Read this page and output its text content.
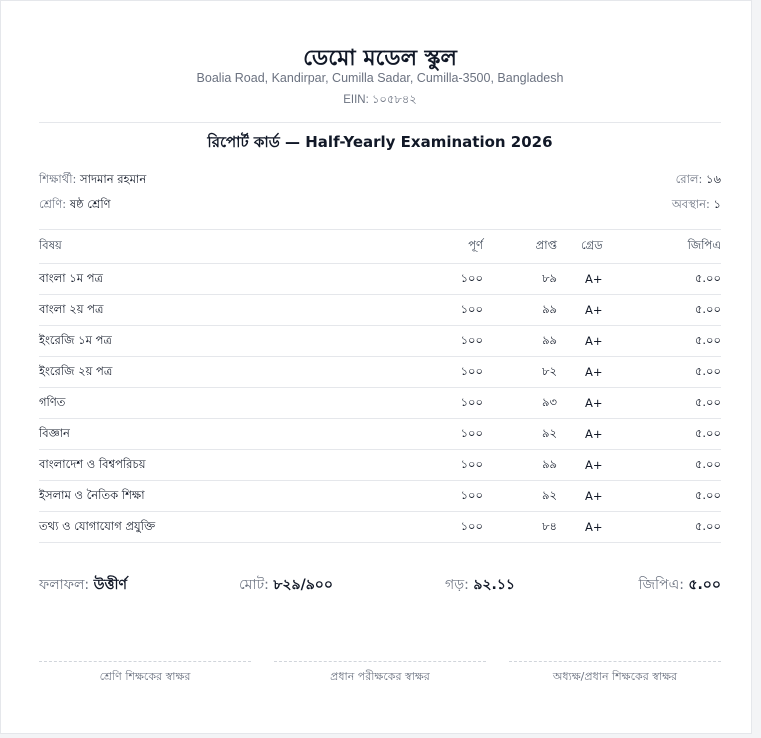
ডেমো মডেল স্কুল
Boalia Road, Kandirpar, Cumilla Sadar, Cumilla-3500, Bangladesh
EIIN: ১০৫৮৪২
রিপোর্ট কার্ড — Half-Yearly Examination 2026
শিক্ষার্থী: সাদমান রহমান	রোল: ১৬
শ্রেণি: ষষ্ঠ শ্রেণি	অবস্থান: ১
বিষয়	পূর্ণ	প্রাপ্ত	গ্রেড	জিপিএ
বাংলা ১ম পত্র	১০০	৮৯	A+	৫.০০
বাংলা ২য় পত্র	১০০	৯৯	A+	৫.০০
ইংরেজি ১ম পত্র	১০০	৯৯	A+	৫.০০
ইংরেজি ২য় পত্র	১০০	৮২	A+	৫.০০
গণিত	১০০	৯৩	A+	৫.০০
বিজ্ঞান	১০০	৯২	A+	৫.০০
বাংলাদেশ ও বিশ্বপরিচয়	১০০	৯৯	A+	৫.০০
ইসলাম ও নৈতিক শিক্ষা	১০০	৯২	A+	৫.০০
তথ্য ও যোগাযোগ প্রযুক্তি	১০০	৮৪	A+	৫.০০
ফলাফল: উত্তীর্ণ	মোট: ৮২৯/৯০০	গড়: ৯২.১১	জিপিএ: ৫.০০
শ্রেণি শিক্ষকের স্বাক্ষর	প্রধান পরীক্ষকের স্বাক্ষর	অধ্যক্ষ/প্রধান শিক্ষকের স্বাক্ষর
